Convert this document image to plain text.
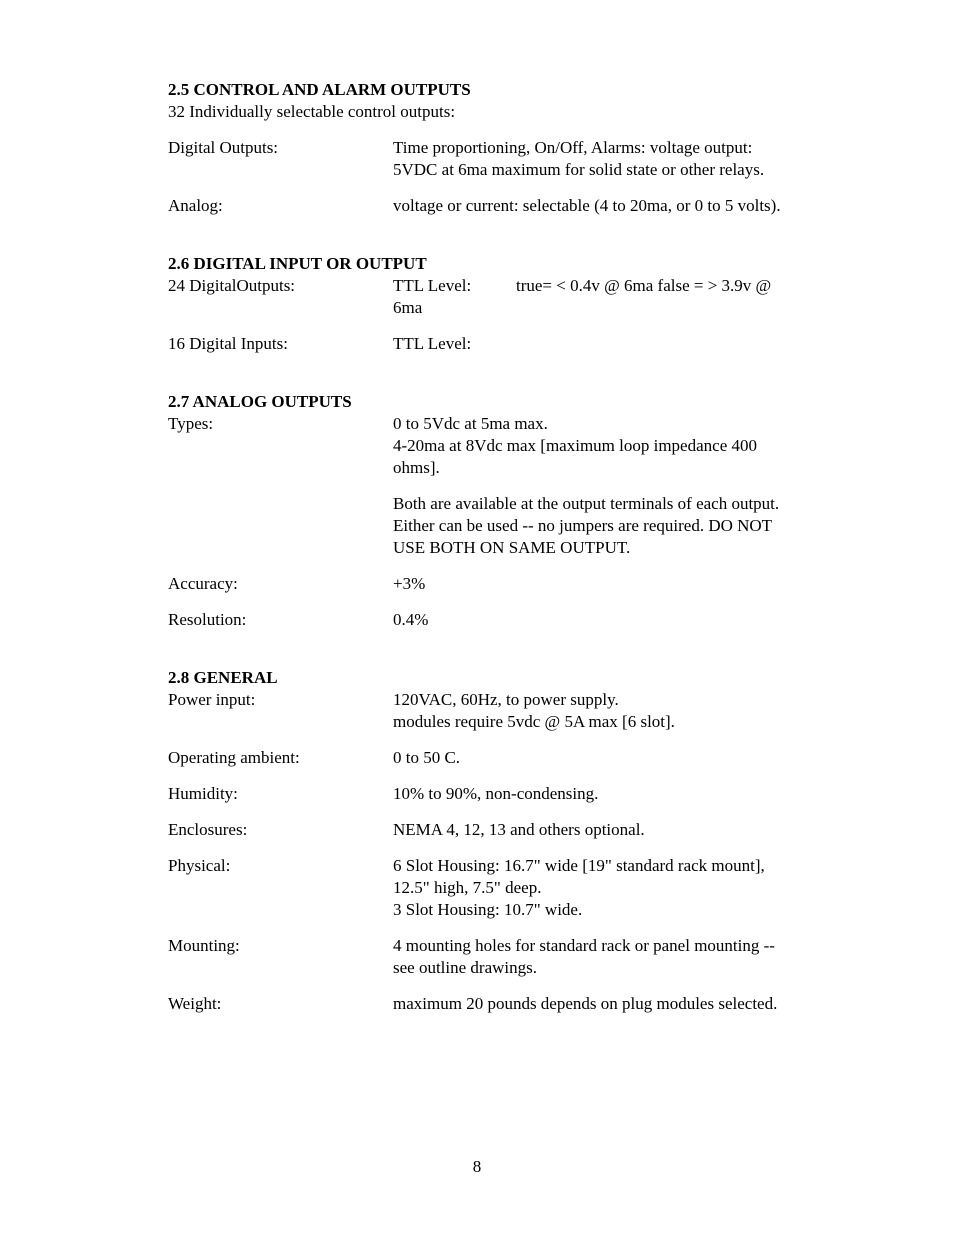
2.5 CONTROL AND ALARM OUTPUTS

32 Individually selectable control outputs:

Digital Outputs:	Time proportioning, On/Off, Alarms: voltage output: 5VDC at 6ma maximum for solid state or other relays.
Analog:	voltage or current: selectable (4 to 20ma, or 0 to 5 volts).

2.6 DIGITAL INPUT OR OUTPUT

24 DigitalOutputs:	TTL Level:	true= < 0.4v @ 6ma false = > 3.9v @ 6ma
16 Digital Inputs:	TTL Level:

2.7 ANALOG OUTPUTS

Types:	0 to 5Vdc at 5ma max.
4-20ma at 8Vdc max [maximum loop impedance 400 ohms].
Both are available at the output terminals of each output. Either can be used -- no jumpers are required. DO NOT USE BOTH ON SAME OUTPUT.
Accuracy:	+3%
Resolution:	0.4%

2.8 GENERAL

Power input:	120VAC, 60Hz, to power supply.
modules require 5vdc @ 5A max [6 slot].
Operating ambient:	0 to 50 C.
Humidity:	10% to 90%, non-condensing.
Enclosures:	NEMA 4, 12, 13 and others optional.
Physical:	6 Slot Housing: 16.7" wide [19" standard rack mount], 12.5" high, 7.5" deep.
3 Slot Housing: 10.7" wide.
Mounting:	4 mounting holes for standard rack or panel mounting -- see outline drawings.
Weight:	maximum 20 pounds depends on plug modules selected.
8
